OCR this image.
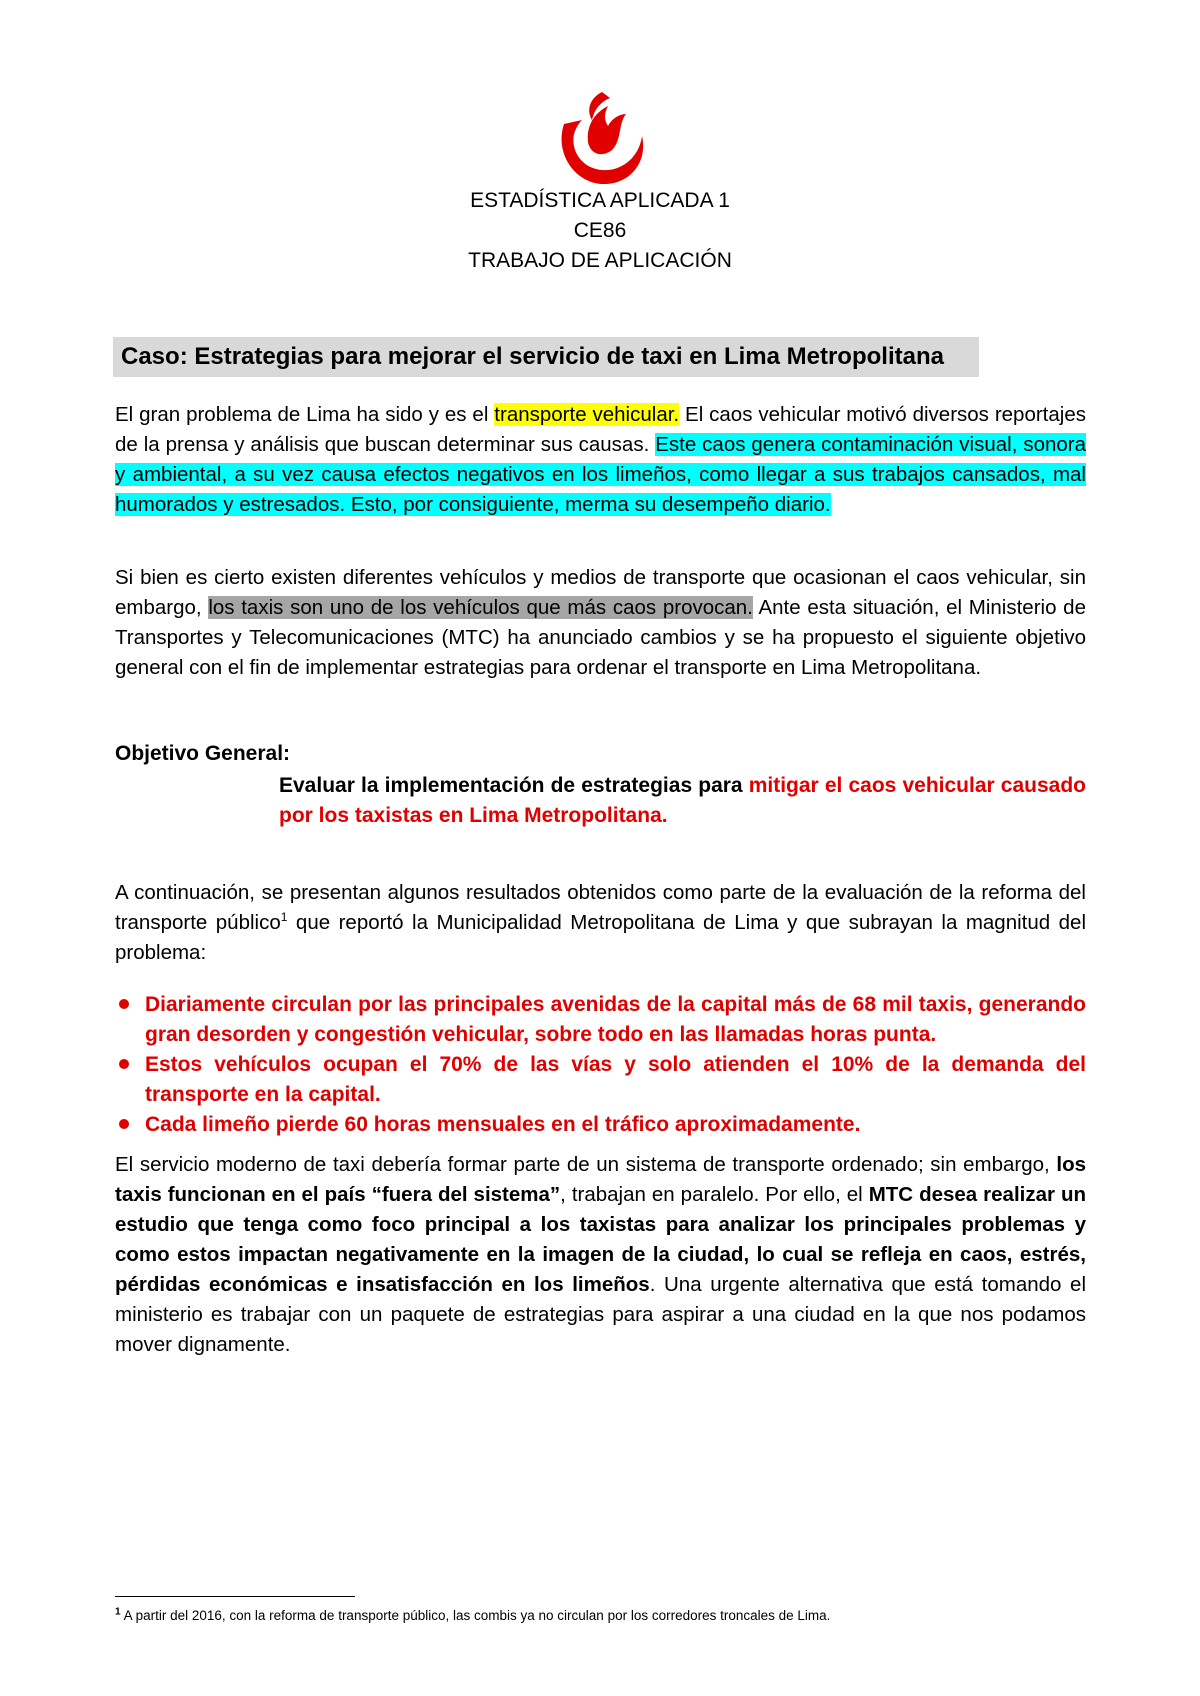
ESTADÍSTICA APLICADA 1
CE86
TRABAJO DE APLICACIÓN
Caso: Estrategias para mejorar el servicio de taxi en Lima Metropolitana
El gran problema de Lima ha sido y es el transporte vehicular. El caos vehicular motivó diversos reportajes de la prensa y análisis que buscan determinar sus causas. Este caos genera contaminación visual, sonora y ambiental, a su vez causa efectos negativos en los limeños, como llegar a sus trabajos cansados, mal humorados y estresados. Esto, por consiguiente, merma su desempeño diario.
Si bien es cierto existen diferentes vehículos y medios de transporte que ocasionan el caos vehicular, sin embargo, los taxis son uno de los vehículos que más caos provocan. Ante esta situación, el Ministerio de Transportes y Telecomunicaciones (MTC) ha anunciado cambios y se ha propuesto el siguiente objetivo general con el fin de implementar estrategias para ordenar el transporte en Lima Metropolitana.
Objetivo General:
Evaluar la implementación de estrategias para mitigar el caos vehicular causado por los taxistas en Lima Metropolitana.
A continuación, se presentan algunos resultados obtenidos como parte de la evaluación de la reforma del transporte público$^1$ que reportó la Municipalidad Metropolitana de Lima y que subrayan la magnitud del problema:
Diariamente circulan por las principales avenidas de la capital más de 68 mil taxis, generando gran desorden y congestión vehicular, sobre todo en las llamadas horas punta.
Estos vehículos ocupan el 70% de las vías y solo atienden el 10% de la demanda del transporte en la capital.
Cada limeño pierde 60 horas mensuales en el tráfico aproximadamente.
El servicio moderno de taxi debería formar parte de un sistema de transporte ordenado; sin embargo, los taxis funcionan en el país “fuera del sistema”, trabajan en paralelo. Por ello, el MTC desea realizar un estudio que tenga como foco principal a los taxistas para analizar los principales problemas y como estos impactan negativamente en la imagen de la ciudad, lo cual se refleja en caos, estrés, pérdidas económicas e insatisfacción en los limeños. Una urgente alternativa que está tomando el ministerio es trabajar con un paquete de estrategias para aspirar a una ciudad en la que nos podamos mover dignamente.
$^1$ A partir del 2016, con la reforma de transporte público, las combis ya no circulan por los corredores troncales de Lima.
